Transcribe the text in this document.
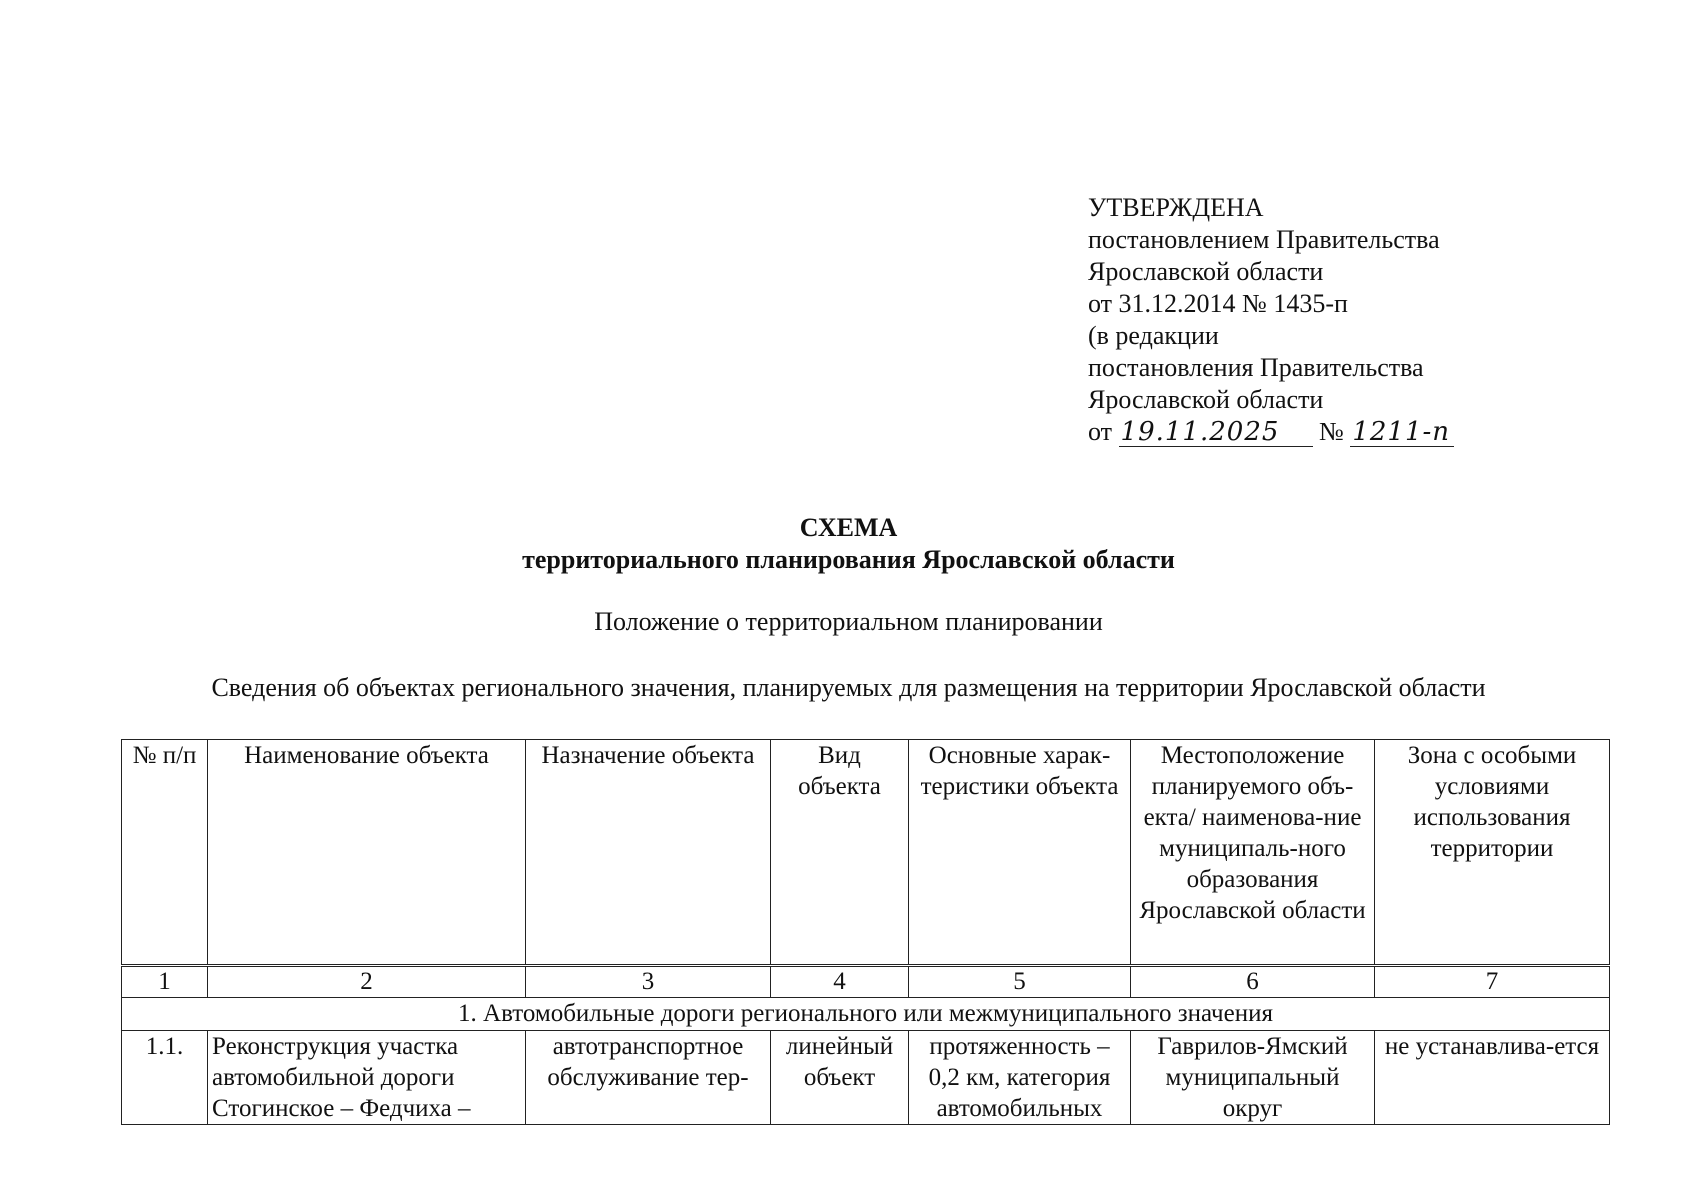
УТВЕРЖДЕНА
постановлением Правительства
Ярославской области
от 31.12.2014 № 1435-п
(в редакции
постановления Правительства
Ярославской области
от 19.11.2025 № 1211-п
СХЕМА
территориального планирования Ярославской области
Положение о территориальном планировании
Сведения об объектах регионального значения, планируемых для размещения на территории Ярославской области
№ п/п	Наименование объекта	Назначение объекта	Вид объекта	Основные харак-теристики объекта	Местоположение планируемого объ-екта/ наименова-ние муниципаль-ного образования Ярославской области	Зона с особыми условиями использования территории
1	2	3	4	5	6	7
1. Автомобильные дороги регионального или межмуниципального значения						
1.1.	Реконструкция участка автомобильной дороги Стогинское – Федчиха –	автотранспортное обслуживание тер-	линейный объект	протяженность – 0,2 км, категория автомобильных	Гаврилов-Ямский муниципальный округ	не устанавлива-ется
